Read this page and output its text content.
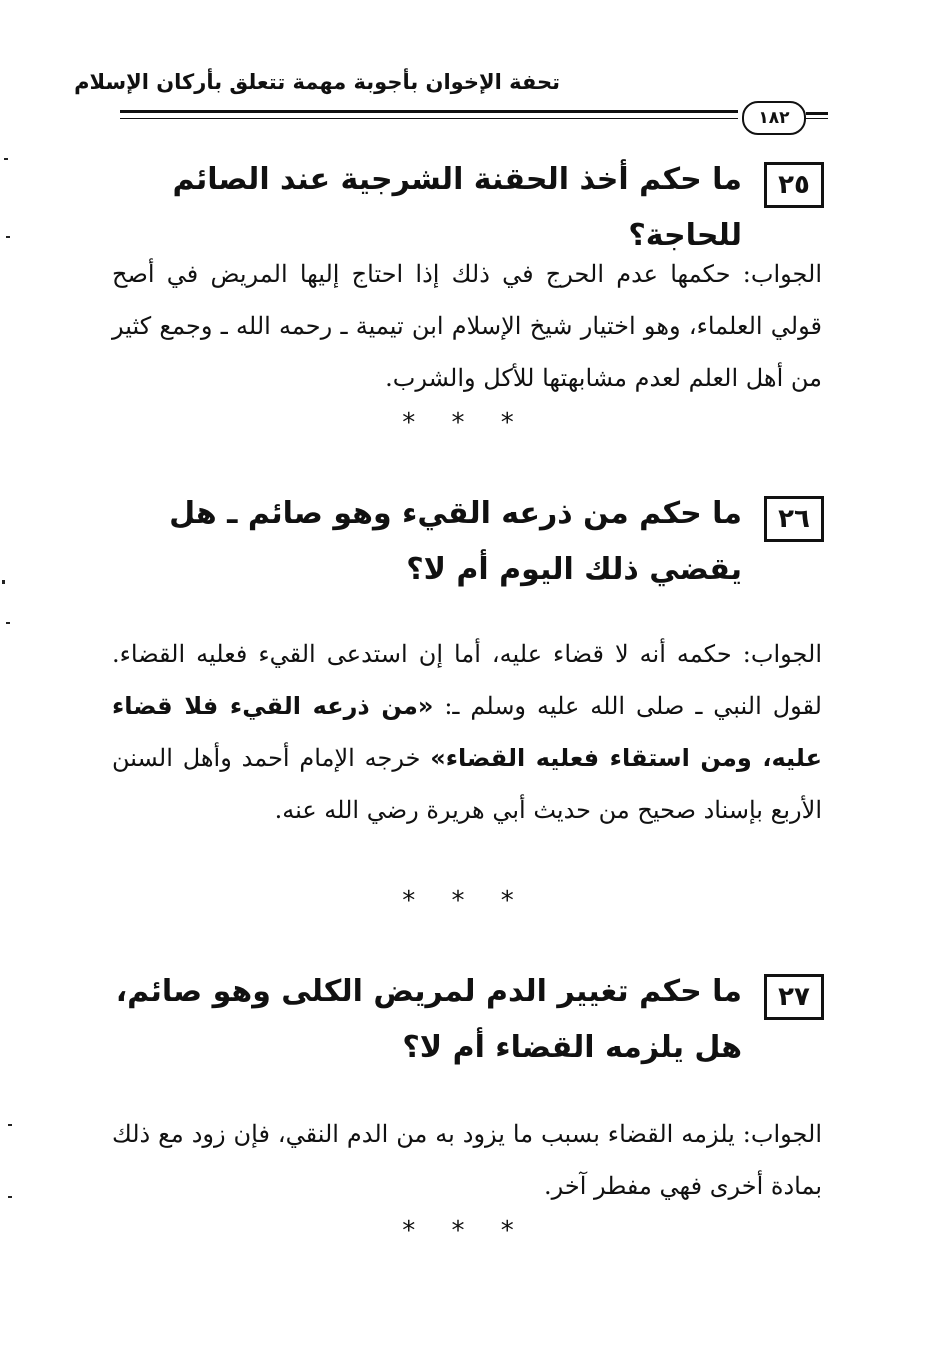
تحفة الإخوان بأجوبة مهمة تتعلق بأركان الإسلام
١٨٢
٢٥
ما حكم أخذ الحقنة الشرجية عند الصائم للحاجة؟
الجواب: حكمها عدم الحرج في ذلك إذا احتاج إليها المريض في أصح قولي العلماء، وهو اختيار شيخ الإسلام ابن تيمية ـ رحمه الله ـ وجمع كثير من أهل العلم لعدم مشابهتها للأكل والشرب.
* * *
٢٦
ما حكم من ذرعه القيء وهو صائم ـ هل يقضي ذلك اليوم أم لا؟
الجواب: حكمه أنه لا قضاء عليه، أما إن استدعى القيء فعليه القضاء. لقول النبي ـ صلى الله عليه وسلم ـ: «من ذرعه القيء فلا قضاء عليه، ومن استقاء فعليه القضاء» خرجه الإمام أحمد وأهل السنن الأربع بإسناد صحيح من حديث أبي هريرة رضي الله عنه.
* * *
٢٧
ما حكم تغيير الدم لمريض الكلى وهو صائم، هل يلزمه القضاء أم لا؟
الجواب: يلزمه القضاء بسبب ما يزود به من الدم النقي، فإن زود مع ذلك بمادة أخرى فهي مفطر آخر.
* * *
